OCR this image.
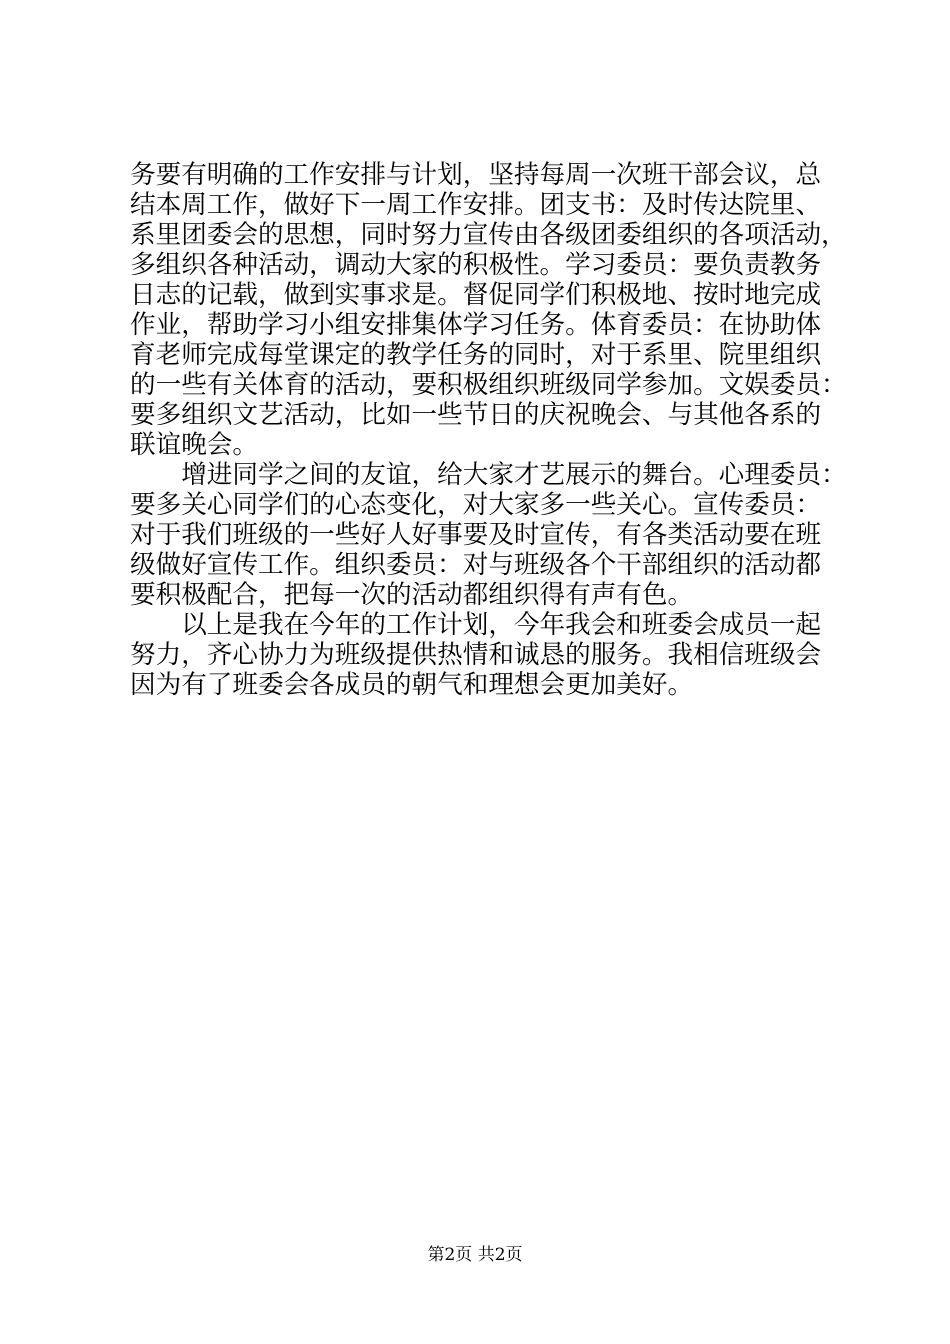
务要有明确的工作安排与计划，坚持每周一次班干部会议，总
结本周工作，做好下一周工作安排。团支书：及时传达院里、
系里团委会的思想，同时努力宣传由各级团委组织的各项活动，
多组织各种活动，调动大家的积极性。学习委员：要负责教务
日志的记载，做到实事求是。督促同学们积极地、按时地完成
作业，帮助学习小组安排集体学习任务。体育委员：在协助体
育老师完成每堂课定的教学任务的同时，对于系里、院里组织
的一些有关体育的活动，要积极组织班级同学参加。文娱委员：
要多组织文艺活动，比如一些节日的庆祝晚会、与其他各系的
联谊晚会。
　　增进同学之间的友谊，给大家才艺展示的舞台。心理委员：
要多关心同学们的心态变化，对大家多一些关心。宣传委员：
对于我们班级的一些好人好事要及时宣传，有各类活动要在班
级做好宣传工作。组织委员：对与班级各个干部组织的活动都
要积极配合，把每一次的活动都组织得有声有色。
　　以上是我在今年的工作计划，今年我会和班委会成员一起
努力，齐心协力为班级提供热情和诚恳的服务。我相信班级会
因为有了班委会各成员的朝气和理想会更加美好。
第2页 共2页
